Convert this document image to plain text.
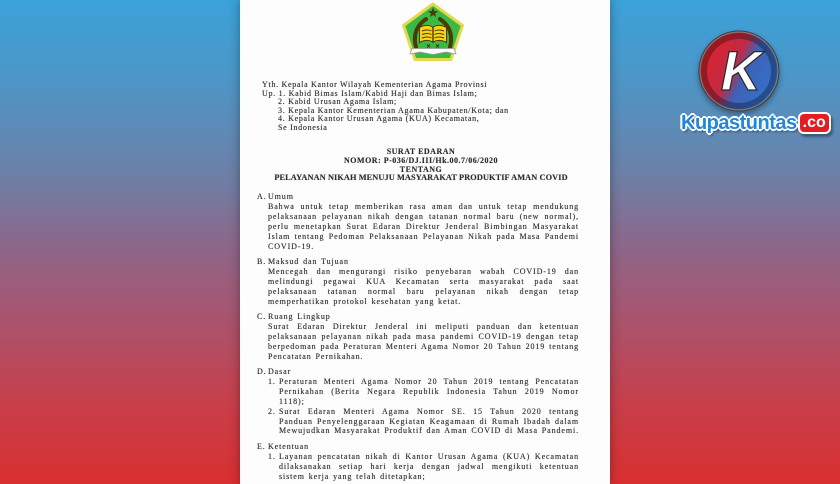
Yth. Kepala Kantor Wilayah Kementerian Agama Provinsi
Up. 1. Kabid Bimas Islam/Kabid Haji dan Bimas Islam;
2. Kabid Urusan Agama Islam;
3. Kepala Kantor Kementerian Agama Kabupaten/Kota; dan
4. Kepala Kantor Urusan Agama (KUA) Kecamatan,
Se Indonesia
SURAT EDARAN
NOMOR: P-036/DJ.III/Hk.00.7/06/2020
TENTANG
PELAYANAN NIKAH MENUJU MASYARAKAT PRODUKTIF AMAN COVID
A. Umum
Bahwa untuk tetap memberikan rasa aman dan untuk tetap mendukung pelaksanaan pelayanan nikah dengan tatanan normal baru (new normal), perlu menetapkan Surat Edaran Direktur Jenderal Bimbingan Masyarakat Islam tentang Pedoman Pelaksanaan Pelayanan Nikah pada Masa Pandemi COVID-19.
B. Maksud dan Tujuan
Mencegah dan mengurangi risiko penyebaran wabah COVID-19 dan melindungi pegawai KUA Kecamatan serta masyarakat pada saat pelaksanaan tatanan normal baru pelayanan nikah dengan tetap memperhatikan protokol kesehatan yang ketat.
C. Ruang Lingkup
Surat Edaran Direktur Jenderal ini meliputi panduan dan ketentuan pelaksanaan pelayanan nikah pada masa pandemi COVID-19 dengan tetap berpedoman pada Peraturan Menteri Agama Nomor 20 Tahun 2019 tentang Pencatatan Pernikahan.
D. Dasar
1. Peraturan Menteri Agama Nomor 20 Tahun 2019 tentang Pencatatan Pernikahan (Berita Negara Republik Indonesia Tahun 2019 Nomor 1118);
2. Surat Edaran Menteri Agama Nomor SE. 15 Tahun 2020 tentang Panduan Penyelenggaraan Kegiatan Keagamaan di Rumah Ibadah dalam Mewujudkan Masyarakat Produktif dan Aman COVID di Masa Pandemi.
E. Ketentuan
1. Layanan pencatatan nikah di Kantor Urusan Agama (KUA) Kecamatan dilaksanakan setiap hari kerja dengan jadwal mengikuti ketentuan sistem kerja yang telah ditetapkan;
K
Kupastuntas .co
